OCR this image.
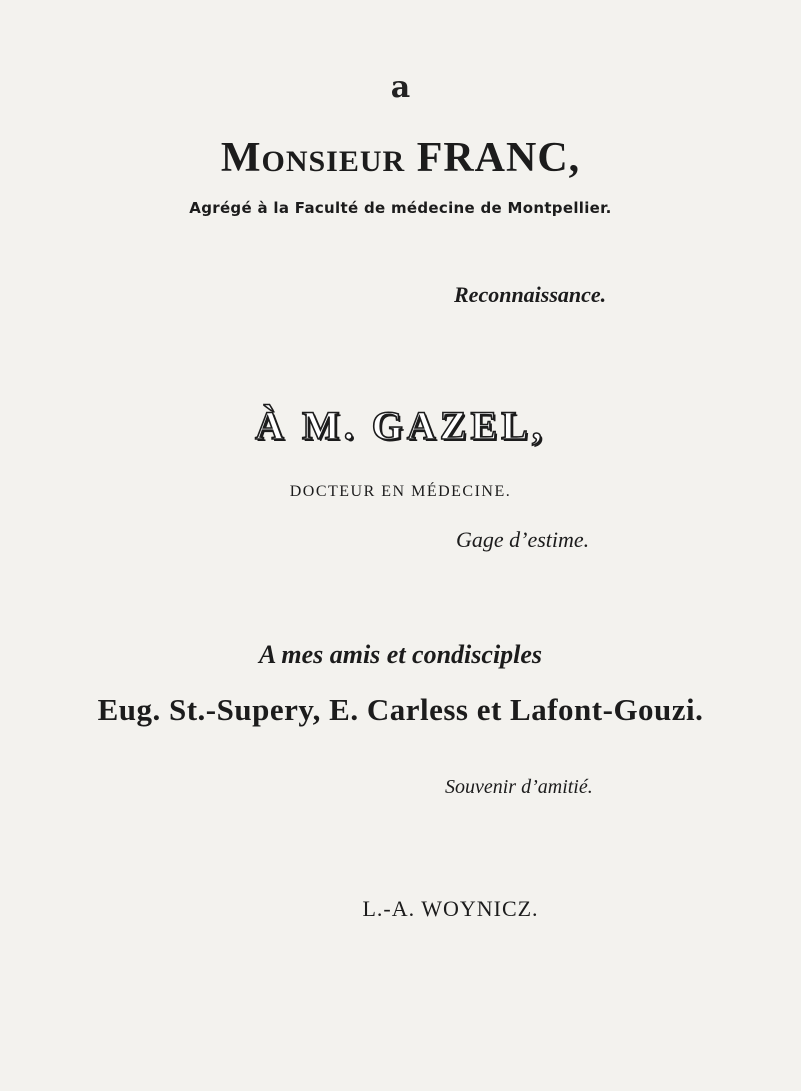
a
MONSIEUR FRANC,
Agrégé à la Faculté de médecine de Montpellier.
Reconnaissance.
À M. GAZEL,
DOCTEUR EN MÉDECINE.
Gage d’estime.
A mes amis et condisciples
Eug. St.-Supery, E. Carless et Lafont-Gouzi.
Souvenir d’amitié.
L.-A. WOYNICZ.
